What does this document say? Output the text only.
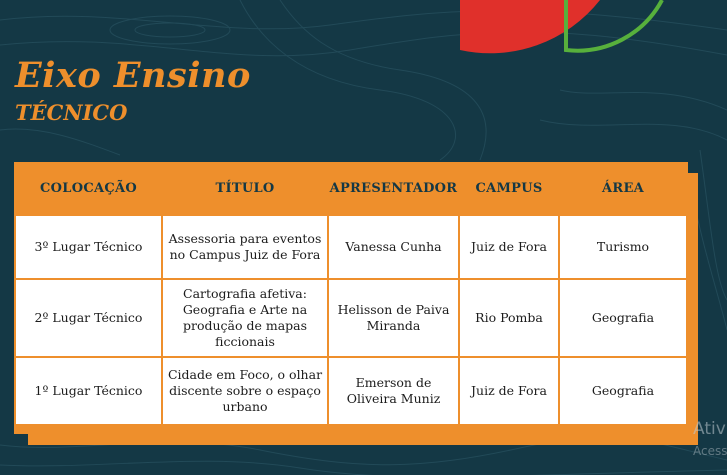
Eixo Ensino
TÉCNICO
COLOCAÇÃO	TÍTULO	APRESENTADOR	CAMPUS	ÁREA
3º Lugar Técnico	Assessoria para eventos no Campus Juiz de Fora	Vanessa Cunha	Juiz de Fora	Turismo
2º Lugar Técnico	Cartografia afetiva: Geografia e Arte na produção de mapas ficcionais	Helisson de Paiva Miranda	Rio Pomba	Geografia
1º Lugar Técnico	Cidade em Foco, o olhar discente sobre o espaço urbano	Emerson de Oliveira Muniz	Juiz de Fora	Geografia
Ativ
Acess
